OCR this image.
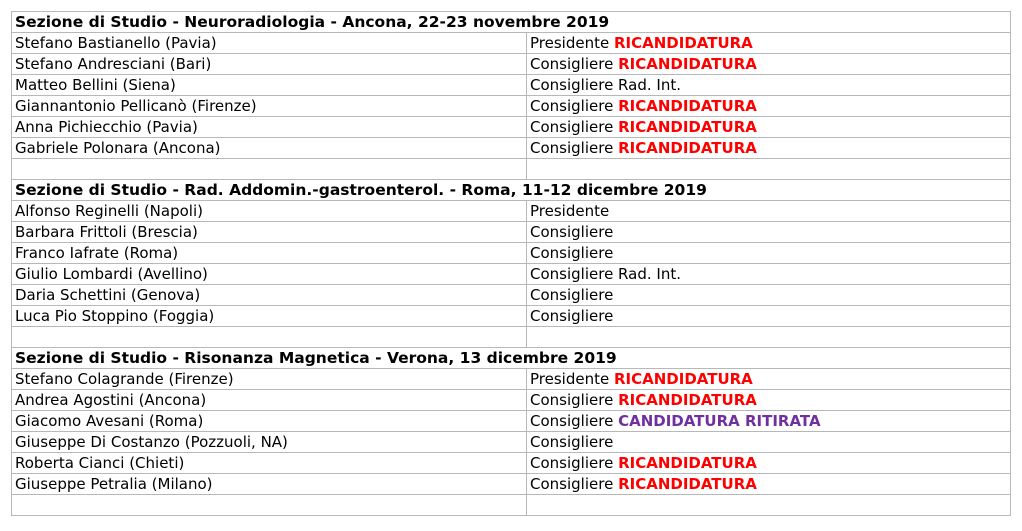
Sezione di Studio - Neuroradiologia - Ancona, 22-23 novembre 2019	
Stefano Bastianello (Pavia)	Presidente RICANDIDATURA
Stefano Andresciani (Bari)	Consigliere RICANDIDATURA
Matteo Bellini (Siena)	Consigliere Rad. Int.
Giannantonio Pellicanò (Firenze)	Consigliere RICANDIDATURA
Anna Pichiecchio (Pavia)	Consigliere RICANDIDATURA
Gabriele Polonara (Ancona)	Consigliere RICANDIDATURA

Sezione di Studio - Rad. Addomin.-gastroenterol. - Roma, 11-12 dicembre 2019	
Alfonso Reginelli (Napoli)	Presidente
Barbara Frittoli (Brescia)	Consigliere
Franco Iafrate (Roma)	Consigliere
Giulio Lombardi (Avellino)	Consigliere Rad. Int.
Daria Schettini (Genova)	Consigliere
Luca Pio Stoppino (Foggia)	Consigliere

Sezione di Studio - Risonanza Magnetica - Verona, 13 dicembre 2019	
Stefano Colagrande (Firenze)	Presidente RICANDIDATURA
Andrea Agostini (Ancona)	Consigliere RICANDIDATURA
Giacomo Avesani (Roma)	Consigliere CANDIDATURA RITIRATA
Giuseppe Di Costanzo (Pozzuoli, NA)	Consigliere
Roberta Cianci (Chieti)	Consigliere RICANDIDATURA
Giuseppe Petralia (Milano)	Consigliere RICANDIDATURA
